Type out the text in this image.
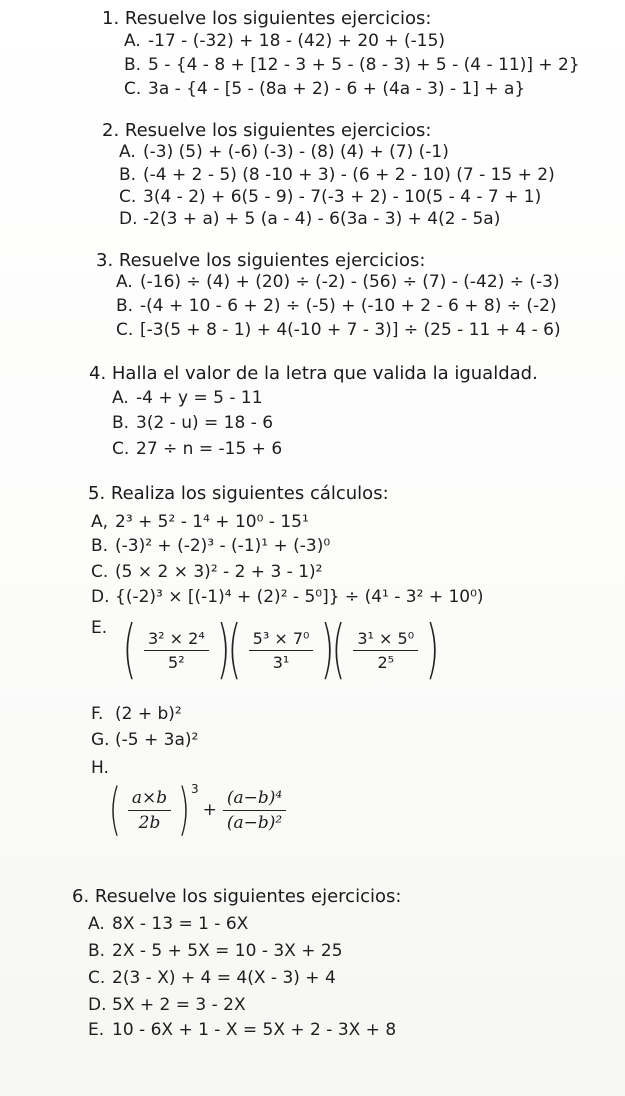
1. Resuelve los siguientes ejercicios:
A. -17 - (-32) + 18 - (42) + 20 + (-15)
B. 5 - {4 - 8 + [12 - 3 + 5 - (8 - 3) + 5 - (4 - 11)] + 2}
C. 3a - {4 - [5 - (8a + 2) - 6 + (4a - 3) - 1] + a}
2. Resuelve los siguientes ejercicios:
A. (-3) (5) + (-6) (-3) - (8) (4) + (7) (-1)
B. (-4 + 2 - 5) (8 -10 + 3) - (6 + 2 - 10) (7 - 15 + 2)
C. 3(4 - 2) + 6(5 - 9) - 7(-3 + 2) - 10(5 - 4 - 7 + 1)
D. -2(3 + a) + 5 (a - 4) - 6(3a - 3) + 4(2 - 5a)
3. Resuelve los siguientes ejercicios:
A. (-16) ÷ (4) + (20) ÷ (-2) - (56) ÷ (7) - (-42) ÷ (-3)
B. -(4 + 10 - 6 + 2) ÷ (-5) + (-10 + 2 - 6 + 8) ÷ (-2)
C. [-3(5 + 8 - 1) + 4(-10 + 7 - 3)] ÷ (25 - 11 + 4 - 6)
4. Halla el valor de la letra que valida la igualdad.
A. -4 + y = 5 - 11
B. 3(2 - u) = 18 - 6
C. 27 ÷ n = -15 + 6
5. Realiza los siguientes cálculos:
A, 2³ + 5² - 1⁴ + 10⁰ - 15¹
B. (-3)² + (-2)³ - (-1)¹ + (-3)⁰
C. (5 × 2 × 3)² - 2 + 3 - 1)²
D. {(-2)³ × [(-1)⁴ + (2)² - 5⁰]} ÷ (4¹ - 3² + 10⁰)
E. ( $\frac{\text{3² × 2⁴}}{\text{5²}}$ )
( $\frac{\text{5³ × 7⁰}}{\text{3¹}}$ )
( $\frac{\text{3¹ × 5⁰}}{\text{2⁵}}$ )
F. (2 + b)²
G. (-5 + 3a)²
H.
( $\frac{a\times b}{2b}$ ) 3
+ $\frac{\text{(a−b)⁴}}{\text{(a−b)²}}$
6. Resuelve los siguientes ejercicios:
A. 8X - 13 = 1 - 6X
B. 2X - 5 + 5X = 10 - 3X + 25
C. 2(3 - X) + 4 = 4(X - 3) + 4
D. 5X + 2 = 3 - 2X
E. 10 - 6X + 1 - X = 5X + 2 - 3X + 8
